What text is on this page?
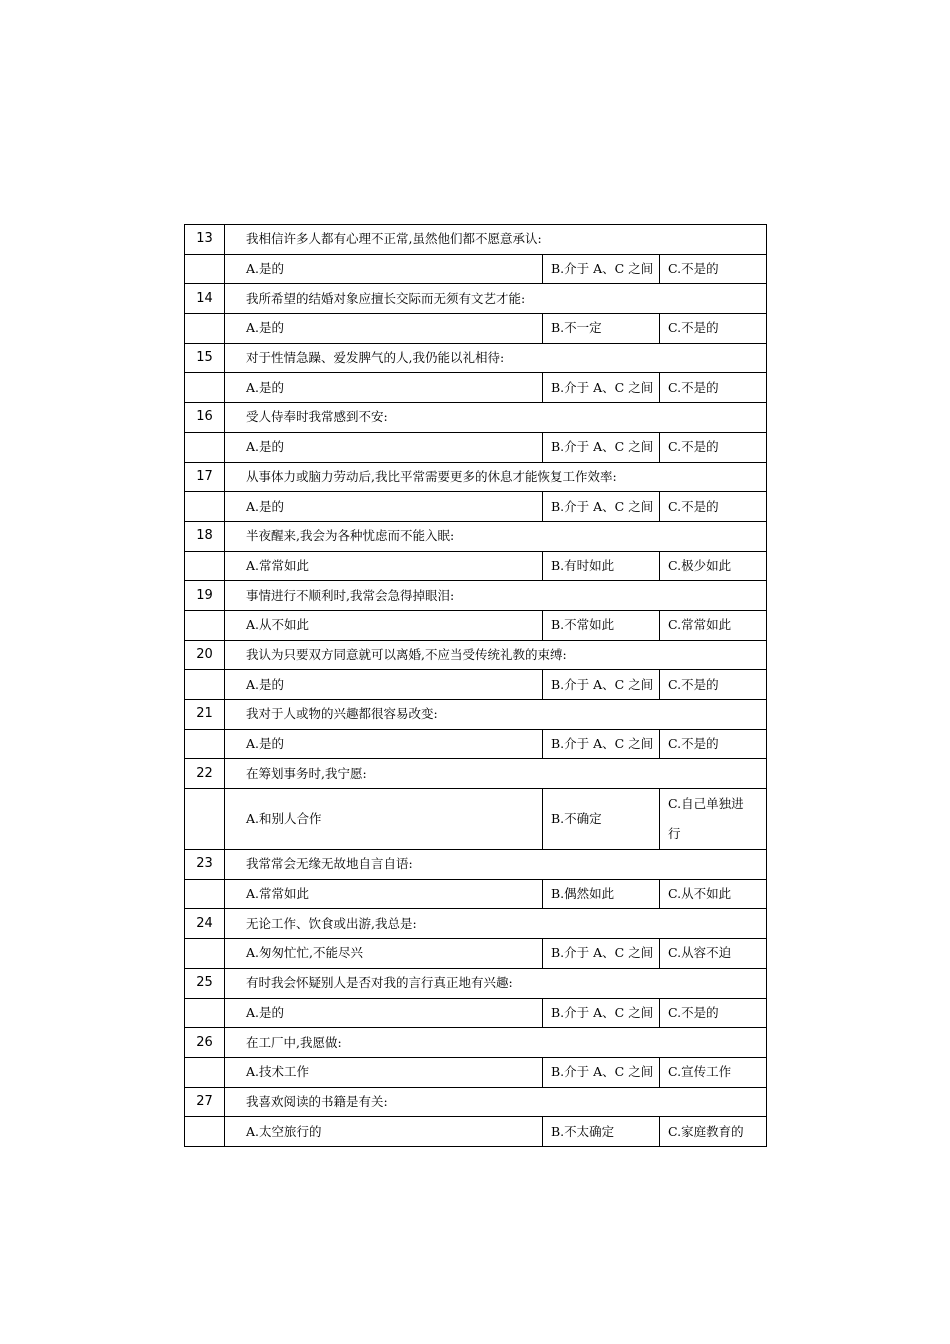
13	我相信许多人都有心理不正常,虽然他们都不愿意承认:		
	A.是的	B.介于 A、C 之间	C.不是的
14	我所希望的结婚对象应擅长交际而无须有文艺才能:		
	A.是的	B.不一定	C.不是的
15	对于性情急躁、爱发脾气的人,我仍能以礼相待:		
	A.是的	B.介于 A、C 之间	C.不是的
16	受人侍奉时我常感到不安:		
	A.是的	B.介于 A、C 之间	C.不是的
17	从事体力或脑力劳动后,我比平常需要更多的休息才能恢复工作效率:		
	A.是的	B.介于 A、C 之间	C.不是的
18	半夜醒来,我会为各种忧虑而不能入眠:		
	A.常常如此	B.有时如此	C.极少如此
19	事情进行不顺利时,我常会急得掉眼泪:		
	A.从不如此	B.不常如此	C.常常如此
20	我认为只要双方同意就可以离婚,不应当受传统礼教的束缚:		
	A.是的	B.介于 A、C 之间	C.不是的
21	我对于人或物的兴趣都很容易改变:		
	A.是的	B.介于 A、C 之间	C.不是的
22	在筹划事务时,我宁愿:		
	A.和别人合作	B.不确定	C.自己单独进行
23	我常常会无缘无故地自言自语:		
	A.常常如此	B.偶然如此	C.从不如此
24	无论工作、饮食或出游,我总是:		
	A.匆匆忙忙,不能尽兴	B.介于 A、C 之间	C.从容不迫
25	有时我会怀疑别人是否对我的言行真正地有兴趣:		
	A.是的	B.介于 A、C 之间	C.不是的
26	在工厂中,我愿做:		
	A.技术工作	B.介于 A、C 之间	C.宣传工作
27	我喜欢阅读的书籍是有关:		
	A.太空旅行的	B.不太确定	C.家庭教育的
